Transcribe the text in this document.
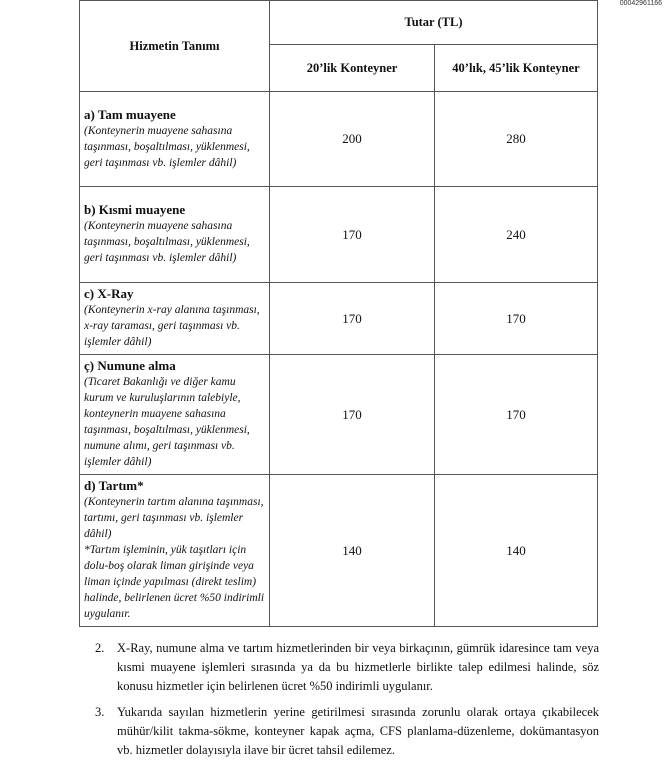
00042961166
Hizmetin Tanımı	Tutar (TL)	
	20’lik Konteyner	40’lık, 45’lik Konteyner

a) Tam muayene
(Konteynerin muayene sahasına taşınması, boşaltılması, yüklenmesi, geri taşınması vb. işlemler dâhil)	200	280

b) Kısmi muayene
(Konteynerin muayene sahasına taşınması, boşaltılması, yüklenmesi, geri taşınması vb. işlemler dâhil)	170	240

c) X-Ray
(Konteynerin x-ray alanına taşınması, x-ray taraması, geri taşınması vb. işlemler dâhil)	170	170

ç) Numune alma
(Ticaret Bakanlığı ve diğer kamu kurum ve kuruluşlarının talebiyle, konteynerin muayene sahasına taşınması, boşaltılması, yüklenmesi, numune alımı, geri taşınması vb. işlemler dâhil)	170	170

d) Tartım*
(Konteynerin tartım alanına taşınması, tartımı, geri taşınması vb. işlemler dâhil)
*Tartım işleminin, yük taşıtları için dolu-boş olarak liman girişinde veya liman içinde yapılması (direkt teslim) halinde, belirlenen ücret %50 indirimli uygulanır.	140	140
2.	X-Ray, numune alma ve tartım hizmetlerinden bir veya birkaçının, gümrük idaresince tam veya kısmi muayene işlemleri sırasında ya da bu hizmetlerle birlikte talep edilmesi halinde, söz konusu hizmetler için belirlenen ücret %50 indirimli uygulanır.
3.	Yukarıda sayılan hizmetlerin yerine getirilmesi sırasında zorunlu olarak ortaya çıkabilecek mühür/kilit takma-sökme, konteyner kapak açma, CFS planlama-düzenleme, dokümantasyon vb. hizmetler dolayısıyla ilave bir ücret tahsil edilemez.
